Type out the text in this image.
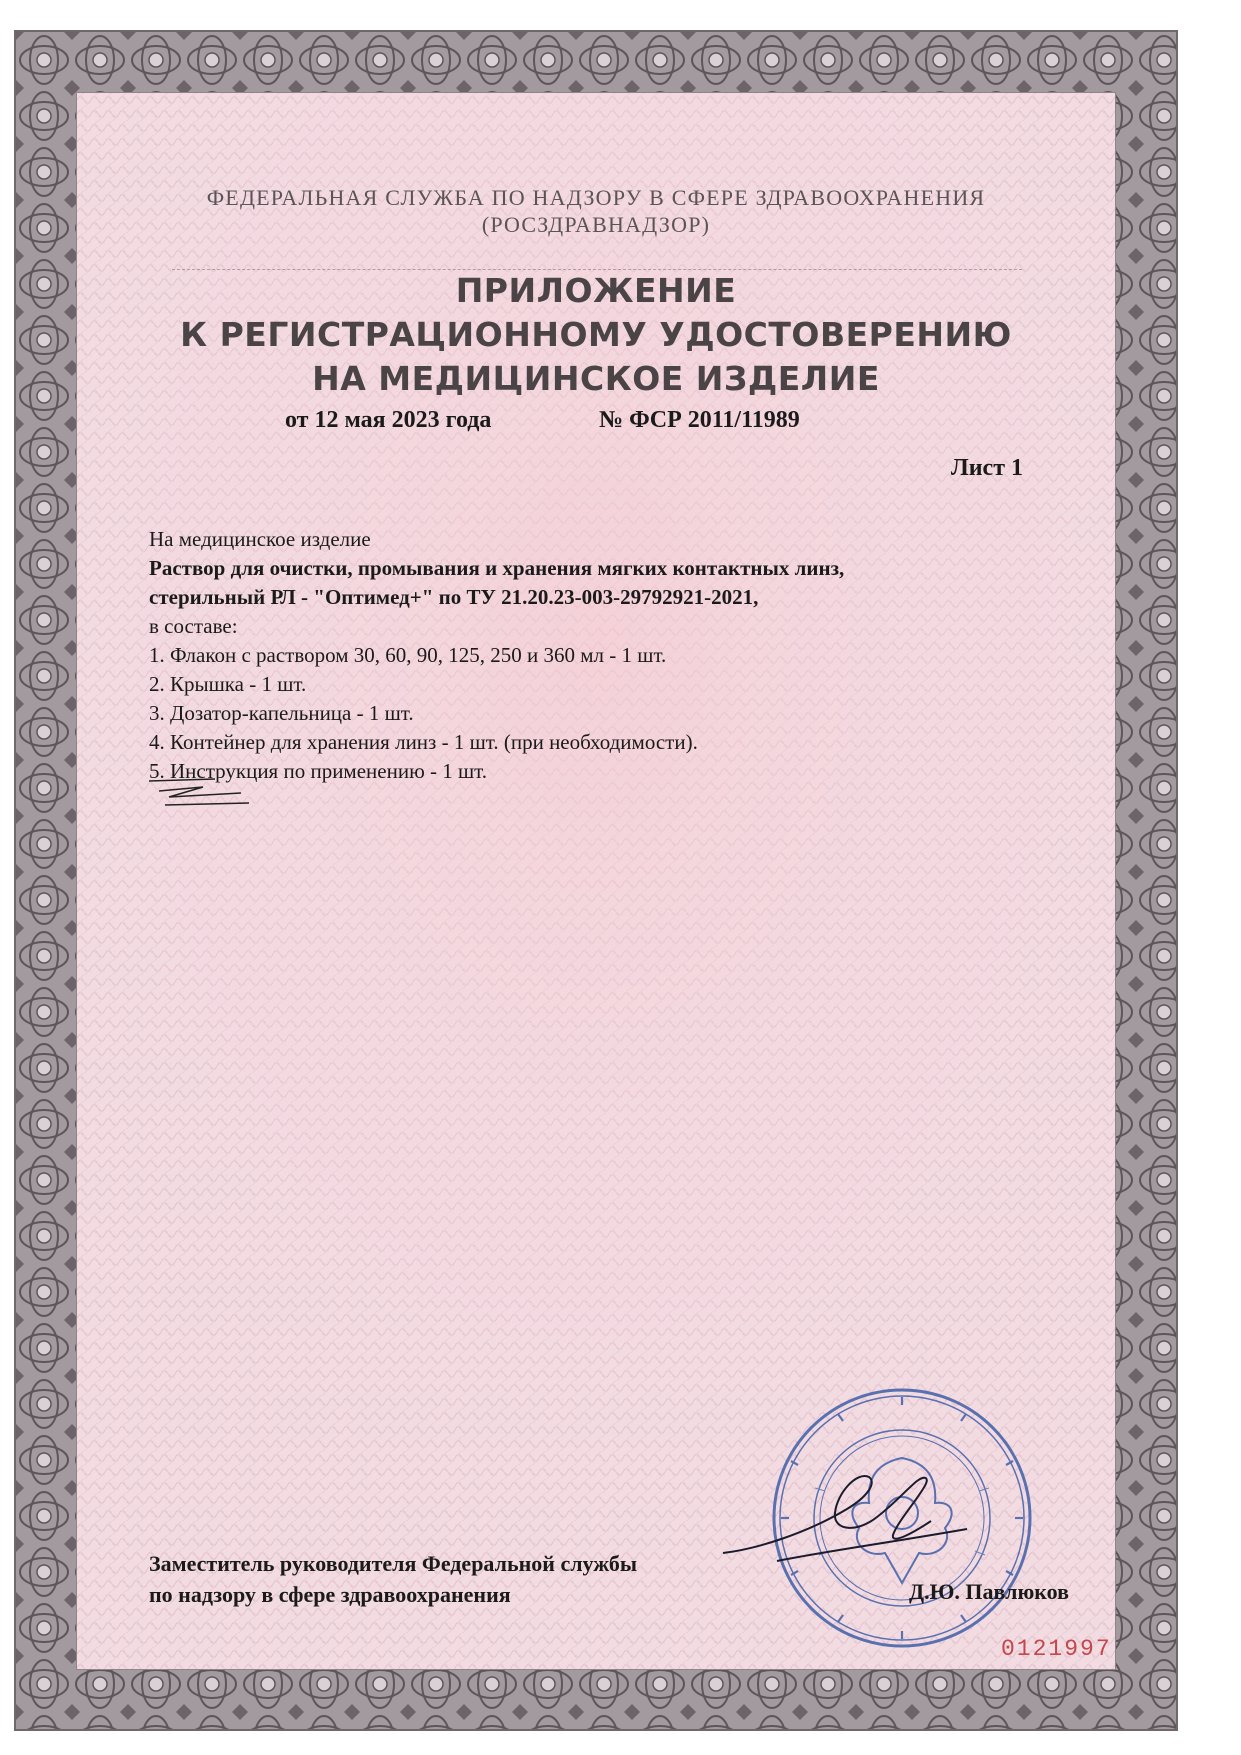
ФЕДЕРАЛЬНАЯ СЛУЖБА ПО НАДЗОРУ В СФЕРЕ ЗДРАВООХРАНЕНИЯ
(РОСЗДРАВНАДЗОР)
ПРИЛОЖЕНИЕ
К РЕГИСТРАЦИОННОМУ УДОСТОВЕРЕНИЮ
НА МЕДИЦИНСКОЕ ИЗДЕЛИЕ
от 12 мая 2023 года	№ ФСР 2011/11989
Лист 1
На медицинское изделие
Раствор для очистки, промывания и хранения мягких контактных линз,
стерильный РЛ - "Оптимед+" по ТУ 21.20.23-003-29792921-2021,
в составе:
1. Флакон с раствором 30, 60, 90, 125, 250 и 360 мл - 1 шт.
2. Крышка - 1 шт.
3. Дозатор-капельница - 1 шт.
4. Контейнер для хранения линз - 1 шт. (при необходимости).
5. Инструкция по применению - 1 шт.
Заместитель руководителя Федеральной службы
по надзору в сфере здравоохранения	Д.Ю. Павлюков
0121997
